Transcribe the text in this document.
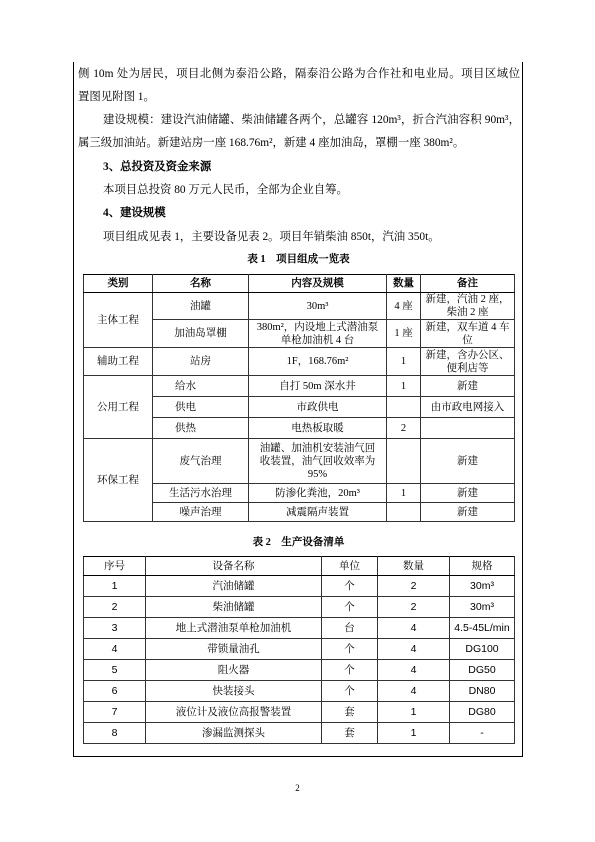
侧 10m 处为居民，项目北侧为泰沿公路，隔泰沿公路为合作社和电业局。项目区域位
置图见附图 1。
建设规模：建设汽油储罐、柴油储罐各两个，总罐容 120m³，折合汽油容积 90m³，
属三级加油站。新建站房一座 168.76m²，新建 4 座加油岛，罩棚一座 380m²。
3、总投资及资金来源
本项目总投资 80 万元人民币，全部为企业自筹。
4、建设规模
项目组成见表 1，主要设备见表 2。项目年销柴油 850t，汽油 350t。
表 1　项目组成一览表
类别	名称	内容及规模	数量	备注
主体工程	油罐	30m³	4 座	新建，汽油 2 座，
柴油 2 座
	加油岛罩棚	380m²，内设地上式潜油泵
单枪加油机 4 台	1 座	新建，双车道 4 车
位
辅助工程	站房	1F，168.76m²	1	新建，含办公区、
便利店等
公用工程	给水	自打 50m 深水井	1	新建
	供电	市政供电		由市政电网接入
	供热	电热板取暖	2	
环保工程	废气治理	油罐、加油机安装油气回
收装置，油气回收效率为
95%		新建
	生活污水治理	防渗化粪池，20m³	1	新建
	噪声治理	减震隔声装置		新建
表 2　生产设备清单
序号	设备名称	单位	数量	规格
1	汽油储罐	个	2	30m³
2	柴油储罐	个	2	30m³
3	地上式潜油泵单枪加油机	台	4	4.5-45L/min
4	带锁量油孔	个	4	DG100
5	阻火器	个	4	DG50
6	快装接头	个	4	DN80
7	液位计及液位高报警装置	套	1	DG80
8	渗漏监测探头	套	1	-
2
